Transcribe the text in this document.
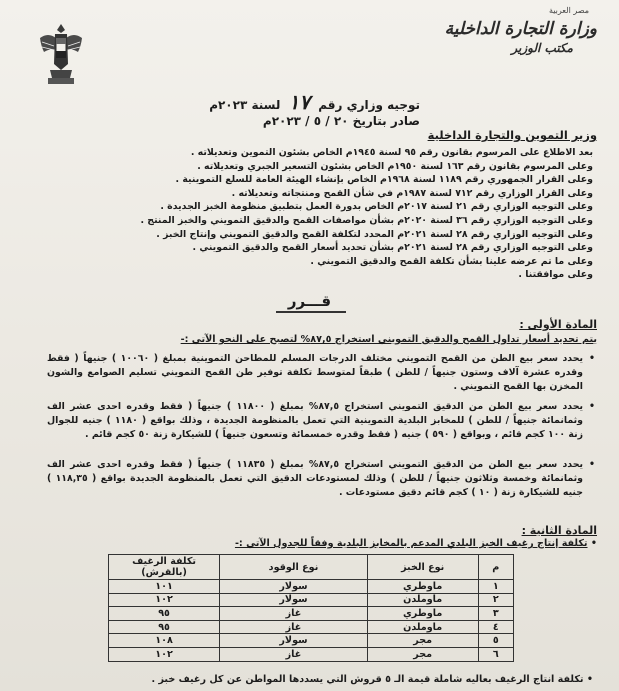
مصر العربية
وزارة التجارة الداخلية
مكتب الوزير
توجيه وزاري رقم ١٧ لسنة ٢٠٢٣م
صادر بتاريخ ٢٠ / ٥ / ٢٠٢٣م
وزير التموين والتجارة الداخلية
بعد الاطلاع على المرسوم بقانون رقم ٩٥ لسنة ١٩٤٥م الخاص بشئون التموين وتعديلاته .
وعلى المرسوم بقانون رقم ١٦٣ لسنة ١٩٥٠م الخاص بشئون التسعير الجبري وتعديلاته .
وعلى القرار الجمهوري رقم ١١٨٩ لسنة ١٩٦٨م الخاص بإنشاء الهيئة العامة للسلع التموينية .
وعلى القرار الوزاري رقم ٧١٢ لسنة ١٩٨٧م في شأن القمح ومنتجاته وتعديلاته .
وعلى التوجيه الوزاري رقم ٢١ لسنة ٢٠١٧م الخاص بدورة العمل بتطبيق منظومة الخبز الجديدة .
وعلى التوجيه الوزاري رقم ٣٦ لسنة ٢٠٢٠م بشأن مواصفات القمح والدقيق التمويني والخبز المنتج .
وعلى التوجيه الوزاري رقم ٢٨ لسنة ٢٠٢١م المحدد لتكلفة القمح والدقيق التمويني وإنتاج الخبز .
وعلى التوجيه الوزاري رقم ٢٨ لسنة ٢٠٢١م بشأن تحديد أسعار القمح والدقيق التمويني .
وعلى ما تم عرضه علينا بشأن تكلفة القمح والدقيق التمويني .
وعلى موافقتنا .
قـــرر
المادة الأولى :
يتم تحديد أسعار تداول القمح والدقيق التمويني استخراج ٨٧,٥% لتصبح على النحو الآتي :-
• يحدد سعر بيع الطن من القمح التمويني مختلف الدرجات المسلم للمطاحن التموينية بمبلغ ( ١٠٠٦٠ ) جنيهاً ( فقط وقدره عشرة آلاف وستون جنيهاً / للطن ) طبقاً لمتوسط تكلفة توفير طن القمح التمويني تسليم الصوامع والشون المخزن بها القمح التمويني .
• يحدد سعر بيع الطن من الدقيق التمويني استخراج ٨٧,٥% بمبلغ ( ١١٨٠٠ ) جنيهاً ( فقط وقدره احدى عشر الف وثمانمائة جنيهاً / للطن ) للمخابز البلدية التموينية التي تعمل بالمنظومة الجديدة ، وذلك بواقع ( ١١٨٠ ) جنيه للجوال زنة ١٠٠ كجم قائم ، وبواقع ( ٥٩٠ ) جنيه ( فقط وقدره خمسمائة وتسعون جنيهاً ) للشيكارة زنة ٥٠ كجم قائم .
• يحدد سعر بيع الطن من الدقيق التمويني استخراج ٨٧,٥% بمبلغ ( ١١٨٣٥ ) جنيهاً ( فقط وقدره احدى عشر الف وثمانمائة وخمسة وثلاثون جنيهاً / للطن ) وذلك لمستودعات الدقيق التي تعمل بالمنظومة الجديدة بواقع ( ١١٨,٣٥ ) جنيه للشيكارة زنة ( ١٠ ) كجم قائم دقيق مستودعات .
المادة الثانية :
• تكلفة إنتاج رغيف الخبز البلدي المدعم بالمخابز البلدية وفقاً للجدول الآتي :-
م	نوع الخبز	نوع الوقود	تكلفة الرغيف (بالقرش)
١	ماوطري	سولار	١٠١
٢	ماوملدن	سولار	١٠٢
٣	ماوطري	غاز	٩٥
٤	ماوملدن	غاز	٩٥
٥	مجر	سولار	١٠٨
٦	مجر	غاز	١٠٢
• تكلفة انتاج الرغيف بعاليه شاملة قيمة الـ ٥ قروش التي يسددها المواطن عن كل رغيف خبز .
